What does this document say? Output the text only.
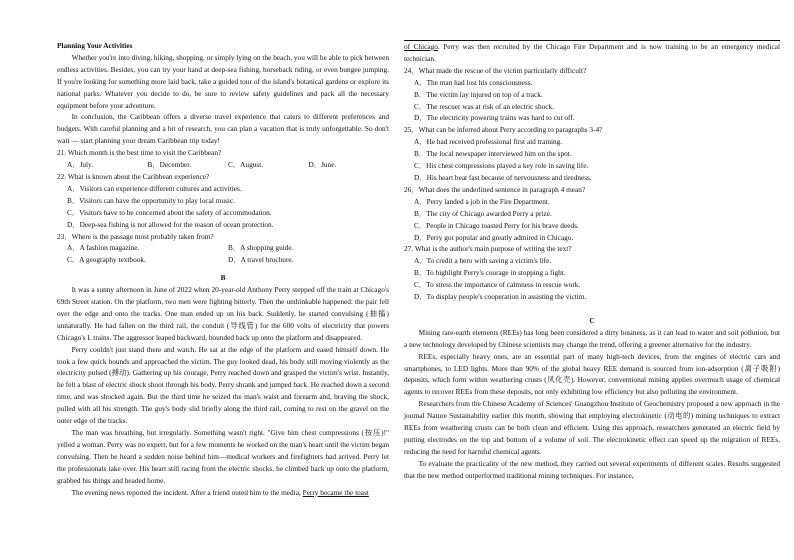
Planning Your Activities

Whether you're into diving, hiking, shopping, or simply lying on the beach, you will be able to pick between endless activities. Besides, you can try your hand at deep-sea fishing, horseback riding, or even bungee jumping. If you're looking for something more laid back, take a guided tour of the island's botanical gardens or explore its national parks. Whatever you decide to do, be sure to review safety guidelines and pack all the necessary equipment before your adventure.

In conclusion, the Caribbean offers a diverse travel experience that caters to different preferences and budgets. With careful planning and a bit of research, you can plan a vacation that is truly unforgettable. So don't wait — start planning your dream Caribbean trip today!

21. Which month is the best time to visit the Caribbean?

A．July.	B．December.	C．August.	D．June.

22. What is known about the Caribbean experience?

A．Visitors can experience different cultures and activities.

B．Visitors can have the opportunity to play local music.

C．Visitors have to be concerned about the safety of accommodation.

D．Deep-sea fishing is not allowed for the reason of ocean protection.

23．Where is the passage most probably taken from?

A．A fashion magazine.	B．A shopping guide.
C．A geography textbook.	D．A travel brochure.

B

It was a sunny afternoon in June of 2022 when 20-year-old Anthony Perry stepped off the train at Chicago's 69th Street station. On the platform, two men were fighting bitterly. Then the unthinkable happened: the pair fell over the edge and onto the tracks. One man ended up on his back. Suddenly, he started convulsing (抽搐) unnaturally. He had fallen on the third rail, the conduit (导线管) for the 600 volts of electricity that powers Chicago's L trains. The aggressor leaped backward, bounded back up onto the platform and disappeared.

Perry couldn't just stand there and watch. He sat at the edge of the platform and eased himself down. He took a few quick bounds and approached the victim. The guy looked dead, his body still moving violently as the electricity pulsed (搏动). Gathering up his courage, Perry reached down and grasped the victim's wrist. Instantly, he felt a blast of electric shock shoot through his body. Perry shrank and jumped back. He reached down a second time, and was shocked again. But the third time he seized the man's waist and forearm and, braving the shock, pulled with all his strength. The guy's body slid briefly along the third rail, coming to rest on the gravel on the outer edge of the tracks.

The man was breathing, but irregularly. Something wasn't right. "Give him chest compressions (按压)!" yelled a woman. Perry was no expert, but for a few moments he worked on the man's heart until the victim began convulsing. Then he heard a sudden noise behind him—medical workers and firefighters had arrived. Perry let the professionals take over. His heart still racing from the electric shocks, he climbed back up onto the platform, grabbed his things and headed home.

The evening news reported the incident. After a friend outed him to the media, Perry became the toast

of Chicago. Perry was then recruited by the Chicago Fire Department and is now training to be an emergency medical technician.

24．What made the rescue of the victim particularly difficult?

A．The man had lost his consciousness.

B．The victim lay injured on top of a track.

C．The rescuer was at risk of an electric shock.

D．The electricity powering trains was hard to cut off.

25．What can be inferred about Perry according to paragraphs 3-4?

A．He had received professional first aid training.

B．The local newspaper interviewed him on the spot.

C．His chest compressions played a key role in saving life.

D．His heart beat fast because of nervousness and tiredness.

26．What does the underlined sentence in paragraph 4 mean?

A．Perry landed a job in the Fire Department.

B．The city of Chicago awarded Perry a prize.

C．People in Chicago toasted Perry for his brave deeds.

D．Perry got popular and greatly admired in Chicago.

27. What is the author's main purpose of writing the text?

A．To credit a hero with saving a victim's life.

B．To highlight Perry's courage in stopping a fight.

C．To stress the importance of calmness in rescue work.

D．To display people's cooperation in assisting the victim.

C

Mining rare-earth elements (REEs) has long been considered a dirty business, as it can lead to water and soil pollution, but a new technology developed by Chinese scientists may change the trend, offering a greener alternative for the industry.

REEs, especially heavy ones, are an essential part of many high-tech devices, from the engines of electric cars and smartphones, to LED lights. More than 90% of the global heavy REE demand is sourced from ion-adsorption (离子吸附) deposits, which form within weathering crusts (风化壳). However, conventional mining applies overmuch usage of chemical agents to recover REEs from these deposits, not only exhibiting low efficiency but also polluting the environment.

Researchers from the Chinese Academy of Sciences' Guangzhou Institute of Geochemistry proposed a new approach in the journal Nature Sustainability earlier this month, showing that employing electrokinetic (动电的) mining techniques to extract REEs from weathering crusts can be both clean and efficient. Using this approach, researchers generated an electric field by putting electrodes on the top and bottom of a volume of soil. The electrokinetic effect can speed up the migration of REEs, reducing the need for harmful chemical agents.

To evaluate the practicality of the new method, they carried out several experiments of different scales. Results suggested that the new method outperformed traditional mining techniques. For instance,
